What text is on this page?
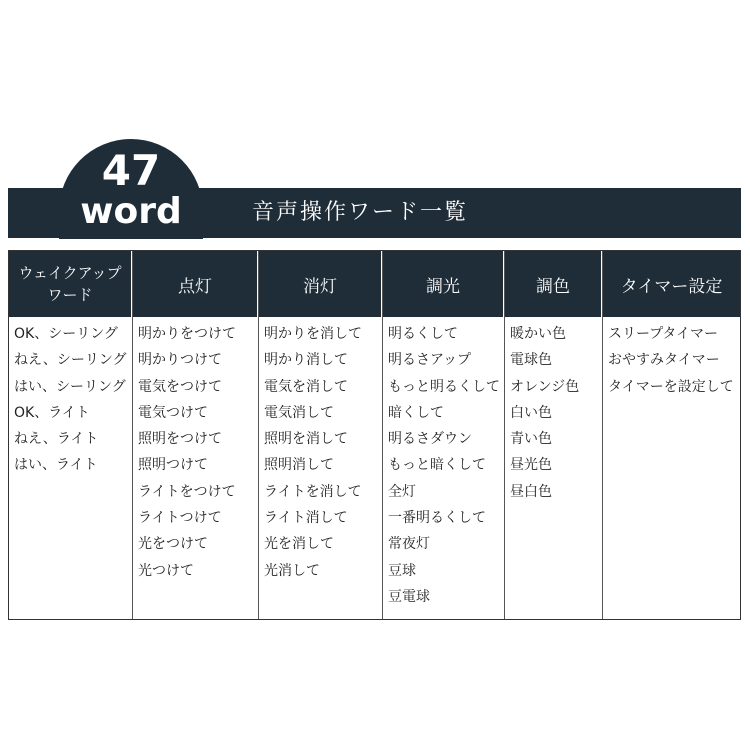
47
word	音声操作ワード一覧
ウェイクアップ
ワード
OK、シーリング
ねえ、シーリング
はい、シーリング
OK、ライト
ねえ、ライト
はい、ライト
点灯
明かりをつけて
明かりつけて
電気をつけて
電気つけて
照明をつけて
照明つけて
ライトをつけて
ライトつけて
光をつけて
光つけて
消灯
明かりを消して
明かり消して
電気を消して
電気消して
照明を消して
照明消して
ライトを消して
ライト消して
光を消して
光消して
調光
明るくして
明るさアップ
もっと明るくして
暗くして
明るさダウン
もっと暗くして
全灯
一番明るくして
常夜灯
豆球
豆電球
調色
暖かい色
電球色
オレンジ色
白い色
青い色
昼光色
昼白色
タイマー設定
スリープタイマー
おやすみタイマー
タイマーを設定して
